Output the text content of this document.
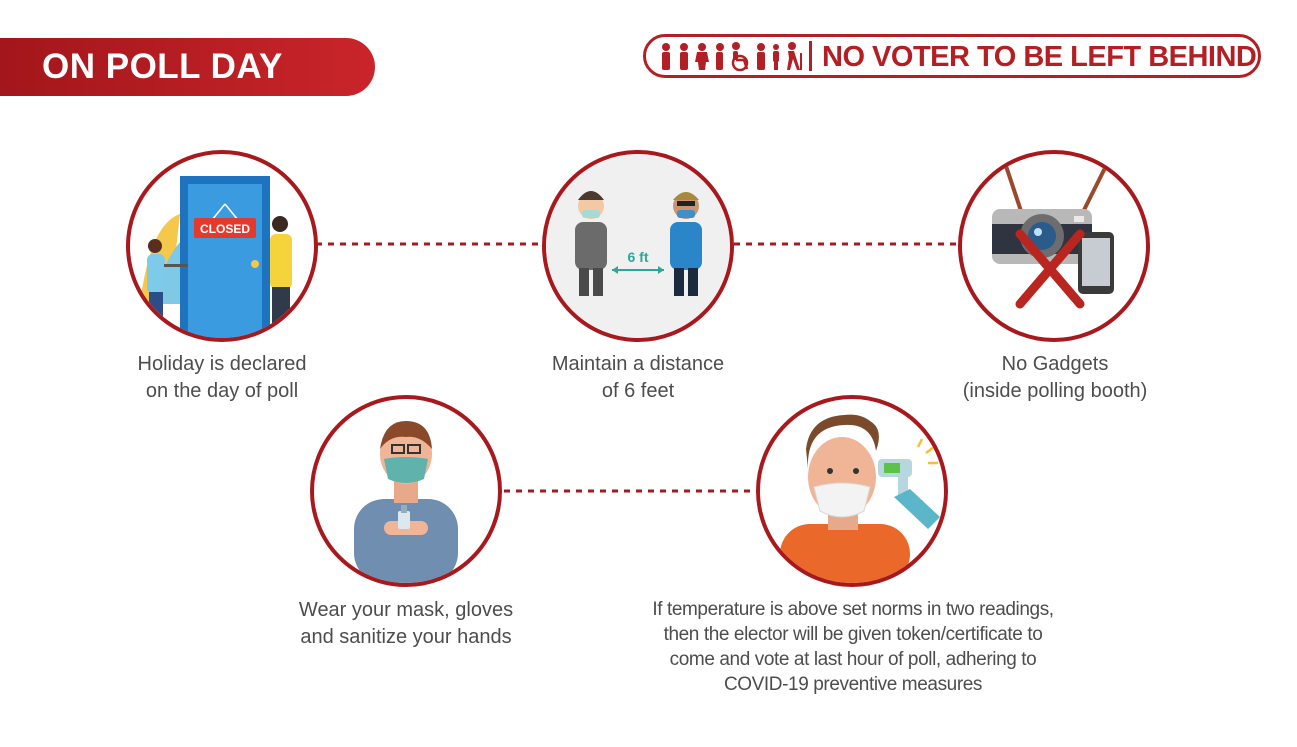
ON POLL DAY	NO VOTER TO BE LEFT BEHIND
CLOSED
Holiday is declared
on the day of poll
6 ft
Maintain a distance
of 6 feet
No Gadgets
(inside polling booth)
Wear your mask, gloves
and sanitize your hands
If temperature is above set norms in two readings,
then the elector will be given token/certificate to
come and vote at last hour of poll, adhering to
COVID-19 preventive measures
